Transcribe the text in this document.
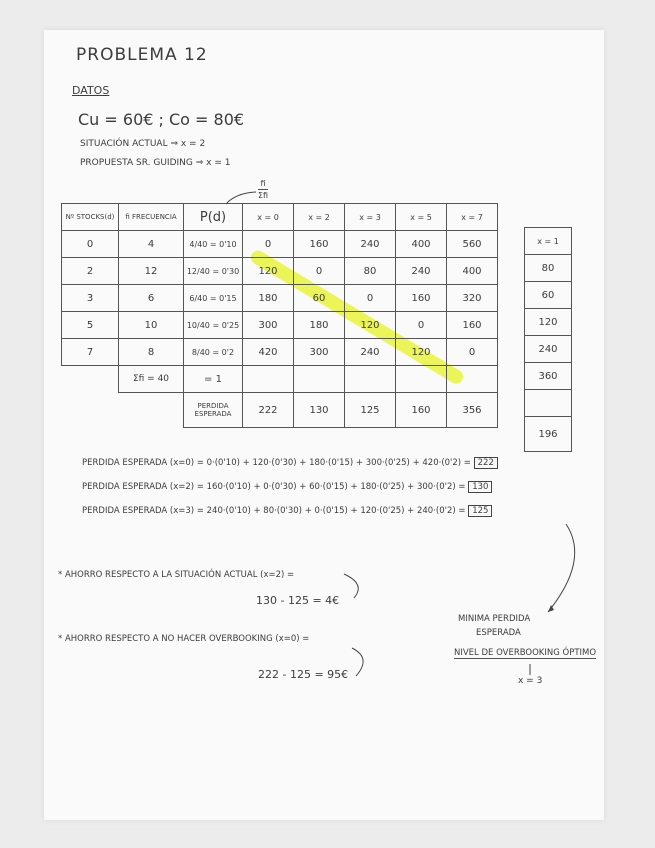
PROBLEMA 12
DATOS
Cu = 60€ ; Co = 80€
SITUACIÓN ACTUAL ⇒ x = 2
PROPUESTA SR. GUIDING ⇒ x = 1
fi
Σfi
Nº STOCKS(d)	fi FRECUENCIA	P(d)	x = 0	x = 2	x = 3	x = 5	x = 7
0	4	4/40 = 0'10	0	160	240	400	560
2	12	12/40 = 0'30	120	0	80	240	400
3	6	6/40 = 0'15	180	60	0	160	320
5	10	10/40 = 0'25	300	180	120	0	160
7	8	8/40 = 0'2	420	300	240	120	0
	Σfi = 40	= 1					
		PERDIDA ESPERADA	222	130	125	160	356
x = 1
80
60
120
240
360

196
PERDIDA ESPERADA (x=0) = 0·(0'10) + 120·(0'30) + 180·(0'15) + 300·(0'25) + 420·(0'2) = 222
PERDIDA ESPERADA (x=2) = 160·(0'10) + 0·(0'30) + 60·(0'15) + 180·(0'25) + 300·(0'2) = 130
PERDIDA ESPERADA (x=3) = 240·(0'10) + 80·(0'30) + 0·(0'15) + 120·(0'25) + 240·(0'2) = 125
* AHORRO RESPECTO A LA SITUACIÓN ACTUAL (x=2) =
130 - 125 = 4€
* AHORRO RESPECTO A NO HACER OVERBOOKING (x=0) =
222 - 125 = 95€
MINIMA PERDIDA
ESPERADA
NIVEL DE OVERBOOKING ÓPTIMO
x = 3
